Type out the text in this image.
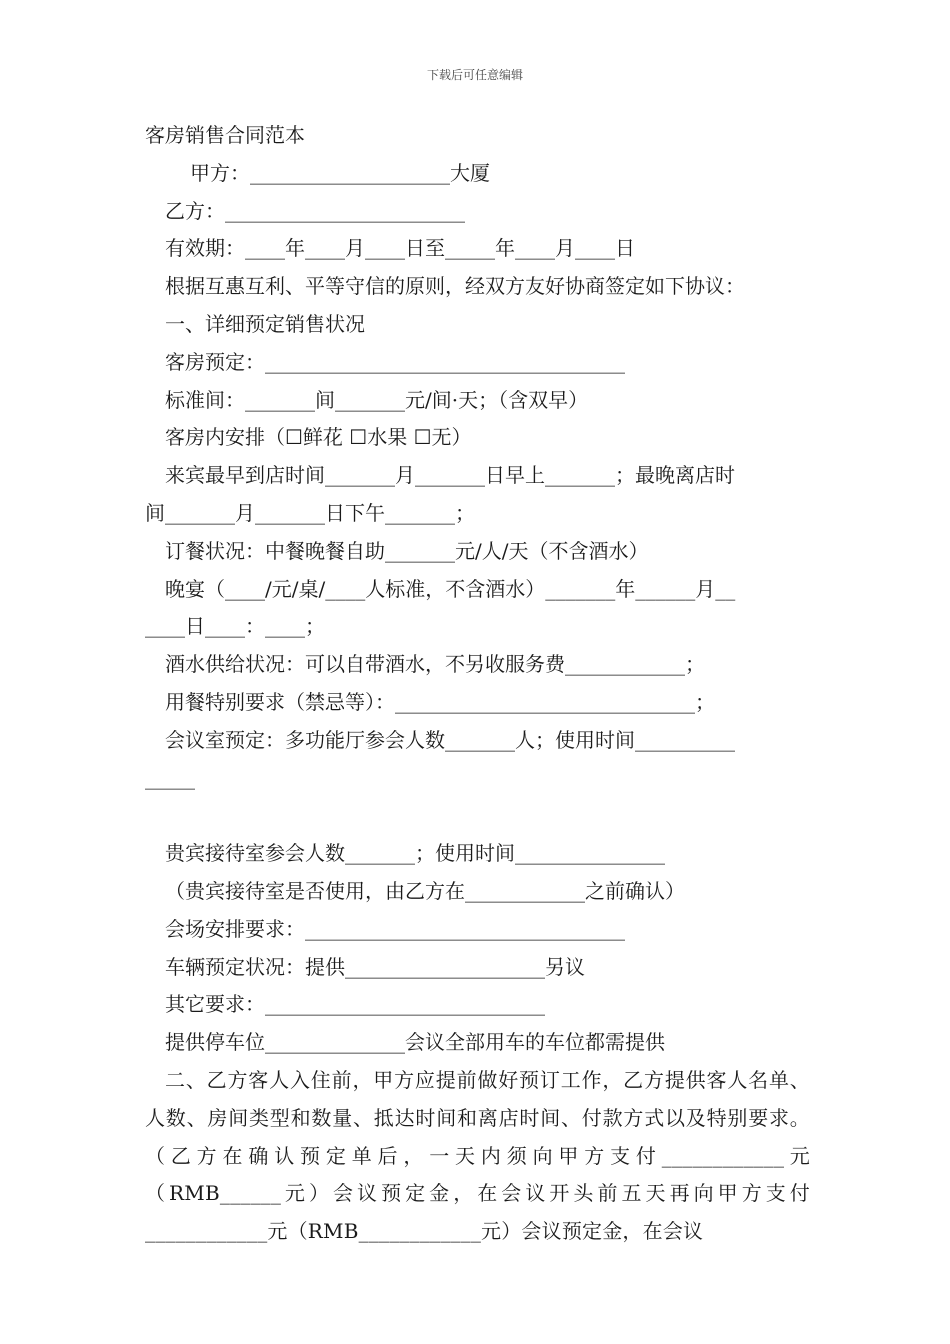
下载后可任意编辑
客房销售合同范本
甲方：____________________大厦
乙方：________________________
有效期：____年____月____日至_____年____月____日
根据互惠互利、平等守信的原则，经双方友好协商签定如下协议：
一、详细预定销售状况
客房预定：____________________________________
标准间：_______间_______元/间·天；（含双早）
客房内安排（☐鲜花 ☐水果 ☐无）
来宾最早到店时间_______月_______日早上_______；最晚离店时
间_______月_______日下午_______；
订餐状况：中餐晚餐自助_______元/人/天（不含酒水）
晚宴（____/元/桌/____人标准，不含酒水）_______年______月__
____日____：____；
酒水供给状况：可以自带酒水，不另收服务费____________；
用餐特别要求（禁忌等）：______________________________；
会议室预定：多功能厅参会人数_______人；使用时间__________
_____

贵宾接待室参会人数_______；使用时间_______________
（贵宾接待室是否使用，由乙方在____________之前确认）
会场安排要求：________________________________
车辆预定状况：提供____________________另议
其它要求：____________________________
提供停车位______________会议全部用车的车位都需提供
二、乙方客人入住前，甲方应提前做好预订工作，乙方提供客人名单、人数、房间类型和数量、抵达时间和离店时间、付款方式以及特别要求。（乙方在确认预定单后，一天内须向甲方支付____________元（RMB______元）会议预定金，在会议开头前五天再向甲方支付____________元（RMB____________元）会议预定金，在会议
